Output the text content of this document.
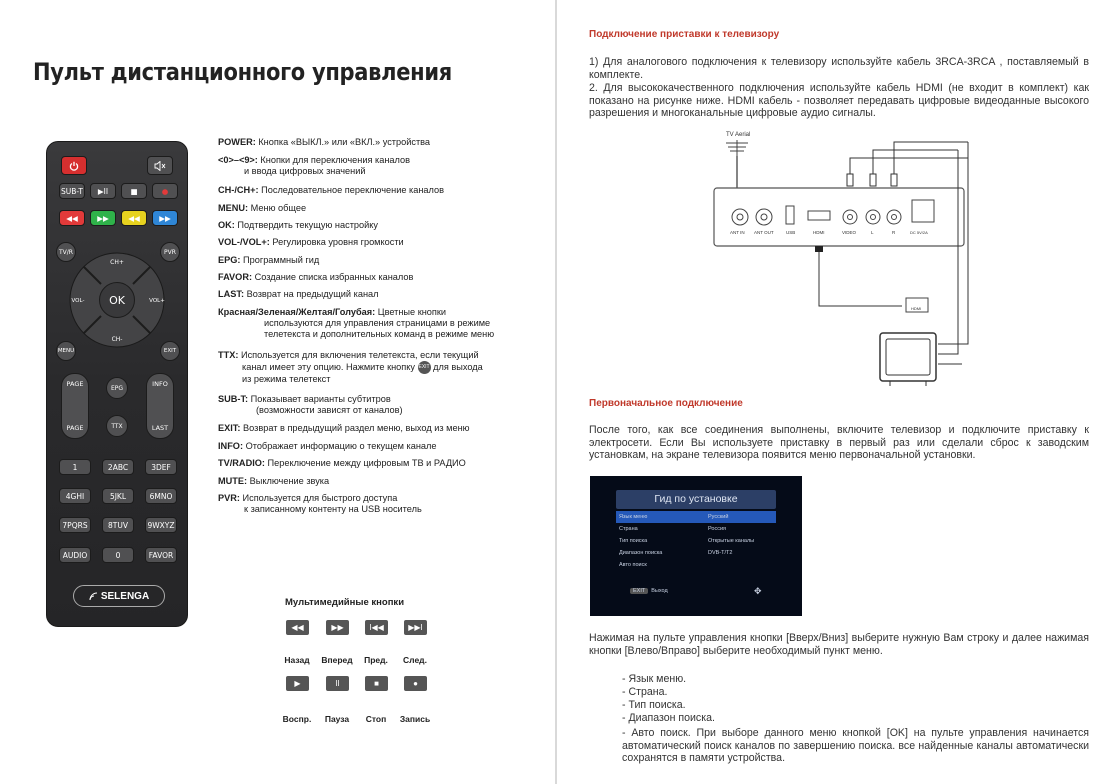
Пульт дистанционного управления
SUB-T	▶II	■	●
◀◀	▶▶	◀◀	▶▶
TV/R	PVR
OK
CH+
CH-
VOL-	VOL+
MENU	EXIT
PAGE
PAGE
INFO
LAST
EPG
TTX
1	2ABC	3DEF
4GHI	5JKL	6MNO
7PQRS	8TUV	9WXYZ
AUDIO	0	FAVOR
SELENGA
POWER: Кнопка «ВЫКЛ.» или «ВКЛ.» устройства
<0>–<9>: Кнопки для переключения каналов
и ввода цифровых значений
CH-/CH+: Последовательное переключение каналов
MENU: Меню общее
OK: Подтвердить текущую настройку
VOL-/VOL+: Регулировка уровня громкости
EPG: Программный гид
FAVOR: Создание списка избранных каналов
LAST: Возврат на предыдущий канал
Красная/Зеленая/Желтая/Голубая: Цветные кнопки
используются для управления страницами в режиме
телетекста и дополнительных команд в режиме меню
TTX: Используется для включения телетекста, если текущий
канал имеет эту опцию. Нажмите кнопку EXIT для выхода
из режима телетекст
SUB-T: Показывает варианты субтитров
(возможности зависят от каналов)
EXIT: Возврат в предыдущий раздел меню, выход из меню
INFO: Отображает информацию о текущем канале
TV/RADIO: Переключение между цифровым ТВ и РАДИО
MUTE: Выключение звука
PVR: Используется для быстрого доступа
к записанному контенту на USB носитель
Мультимедийные кнопки
◀◀	▶▶	I◀◀	▶▶I
Назад	Вперед	Пред.	След.
▶	II	■	●
Воспр.	Пауза	Стоп	Запись
Подключение приставки к телевизору
1) Для аналогового подключения к телевизору используйте кабель 3RCA-3RCA , поставляемый в комплекте.
2. Для высококачественного подключения используйте кабель HDMI (не входит в комплект) как показано на рисунке ниже. HDMI кабель - позволяет передавать цифровые видеоданные высокого разрешения и многоканальные цифровые аудио сигналы.
TV Aerial
ANT IN ANT OUT	USB	HDMI	VIDEO	L	R	DC 5V/2A
HDMI
Первоначальное подключение
После того, как все соединения выполнены, включите телевизор и подключите приставку к электросети. Если Вы используете приставку в первый раз или сделали сброс к заводским установкам, на экране телевизора появится меню первоначальной установки.
Гид по установке
Язык меню	Русский
Страна	Россия
Тип поиска	Открытые каналы
Диапазон поиска	DVB-T/T2
Авто поиск
EXIT Выход	✥
Нажимая на пульте управления кнопки [Вверх/Вниз] выберите нужную Вам строку и далее нажимая кнопки [Влево/Вправо] выберите необходимый пункт меню.
- Язык меню.
- Страна.
- Тип поиска.
- Диапазон поиска.
- Авто поиск. При выборе данного меню кнопкой [OK] на пульте управления начинается автоматический поиск каналов по завершению поиска. все найденные каналы автоматически сохранятся в памяти устройства.
